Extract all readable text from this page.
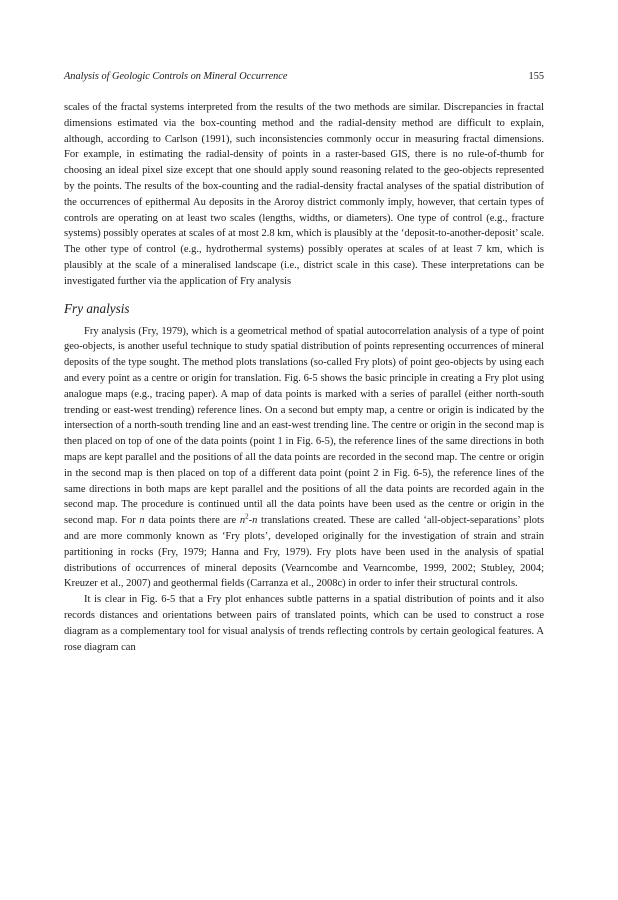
Analysis of Geologic Controls on Mineral Occurrence	155

scales of the fractal systems interpreted from the results of the two methods are similar. Discrepancies in fractal dimensions estimated via the box-counting method and the radial-density method are difficult to explain, although, according to Carlson (1991), such inconsistencies commonly occur in measuring fractal dimensions. For example, in estimating the radial-density of points in a raster-based GIS, there is no rule-of-thumb for choosing an ideal pixel size except that one should apply sound reasoning related to the geo-objects represented by the points. The results of the box-counting and the radial-density fractal analyses of the spatial distribution of the occurrences of epithermal Au deposits in the Aroroy district commonly imply, however, that certain types of controls are operating on at least two scales (lengths, widths, or diameters). One type of control (e.g., fracture systems) possibly operates at scales of at most 2.8 km, which is plausibly at the ‘deposit-to-another-deposit’ scale. The other type of control (e.g., hydrothermal systems) possibly operates at scales of at least 7 km, which is plausibly at the scale of a mineralised landscape (i.e., district scale in this case). These interpretations can be investigated further via the application of Fry analysis

Fry analysis

Fry analysis (Fry, 1979), which is a geometrical method of spatial autocorrelation analysis of a type of point geo-objects, is another useful technique to study spatial distribution of points representing occurrences of mineral deposits of the type sought. The method plots translations (so-called Fry plots) of point geo-objects by using each and every point as a centre or origin for translation. Fig. 6-5 shows the basic principle in creating a Fry plot using analogue maps (e.g., tracing paper). A map of data points is marked with a series of parallel (either north-south trending or east-west trending) reference lines. On a second but empty map, a centre or origin is indicated by the intersection of a north-south trending line and an east-west trending line. The centre or origin in the second map is then placed on top of one of the data points (point 1 in Fig. 6-5), the reference lines of the same directions in both maps are kept parallel and the positions of all the data points are recorded in the second map. The centre or origin in the second map is then placed on top of a different data point (point 2 in Fig. 6-5), the reference lines of the same directions in both maps are kept parallel and the positions of all the data points are recorded again in the second map. The procedure is continued until all the data points have been used as the centre or origin in the second map. For n data points there are $n^2-n$ translations created. These are called ‘all-object-separations’ plots and are more commonly known as ‘Fry plots’, developed originally for the investigation of strain and strain partitioning in rocks (Fry, 1979; Hanna and Fry, 1979). Fry plots have been used in the analysis of spatial distributions of occurrences of mineral deposits (Vearncombe and Vearncombe, 1999, 2002; Stubley, 2004; Kreuzer et al., 2007) and geothermal fields (Carranza et al., 2008c) in order to infer their structural controls.

It is clear in Fig. 6-5 that a Fry plot enhances subtle patterns in a spatial distribution of points and it also records distances and orientations between pairs of translated points, which can be used to construct a rose diagram as a complementary tool for visual analysis of trends reflecting controls by certain geological features. A rose diagram can
